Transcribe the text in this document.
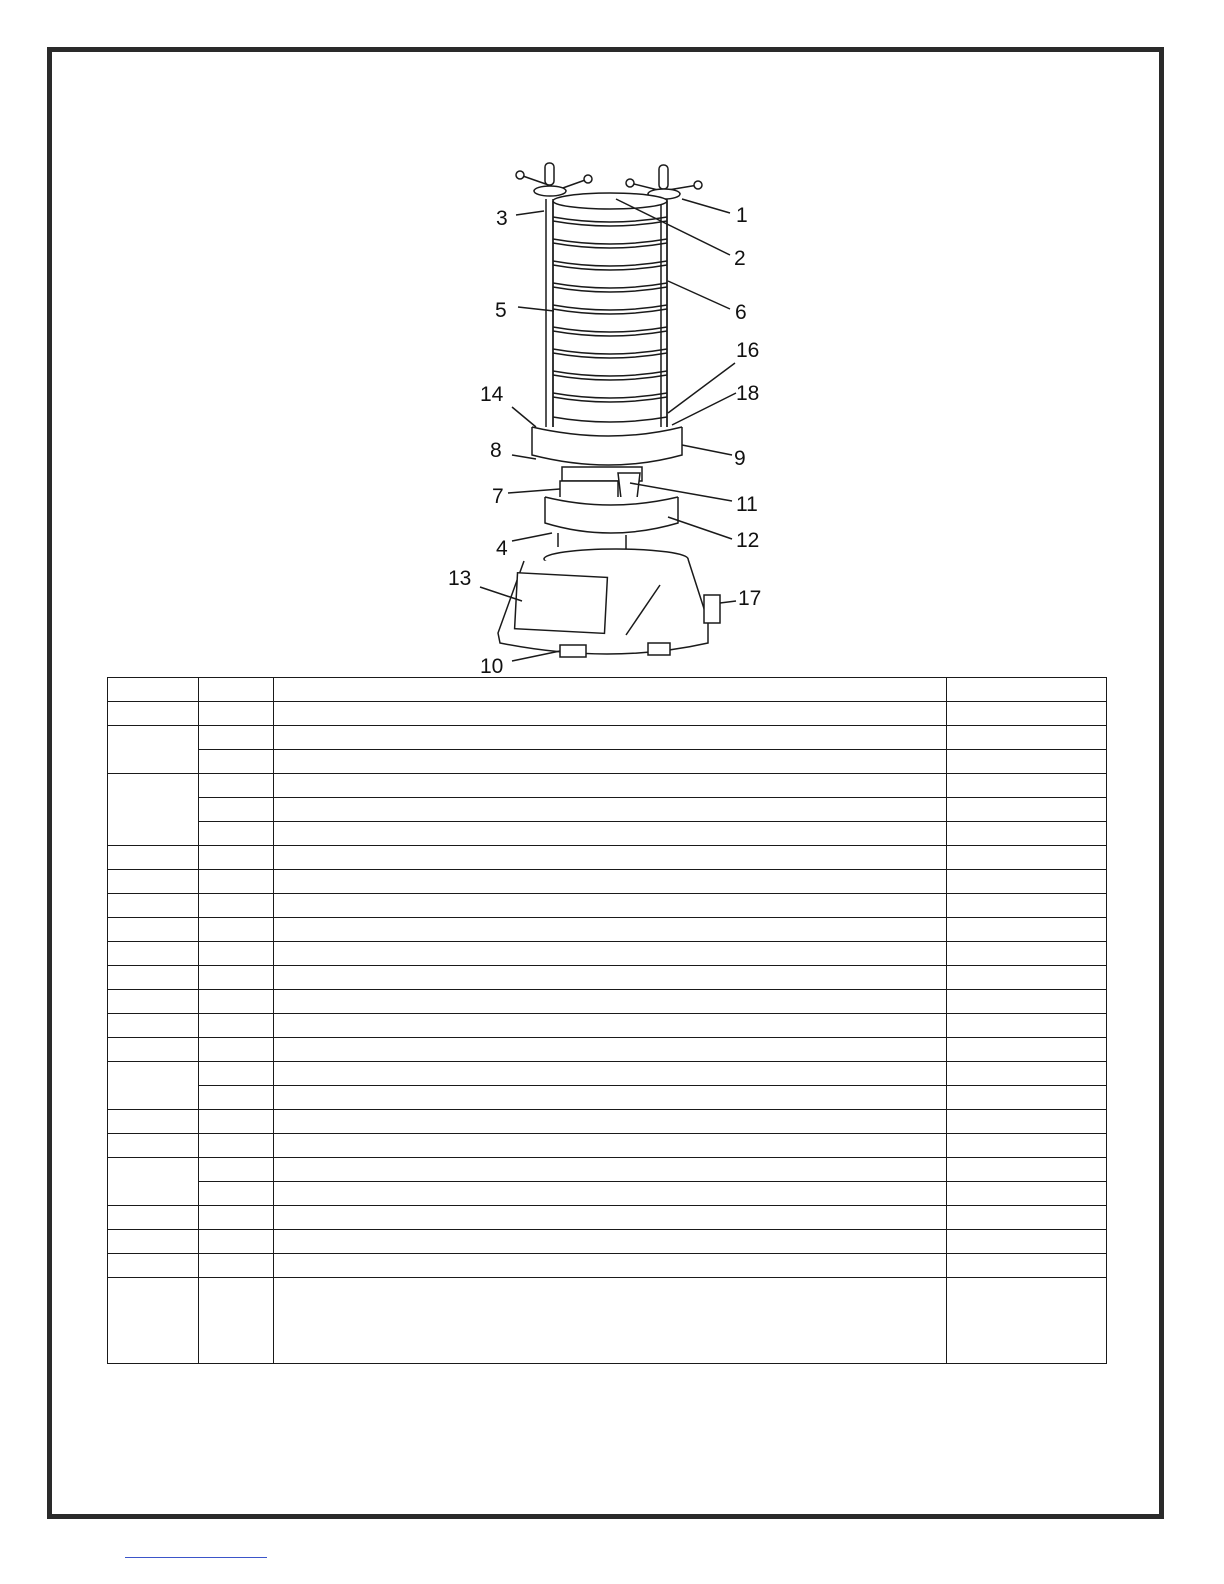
1
2
3
4
5	6
7
8	9
10
11
12
13
14
16
17
18
